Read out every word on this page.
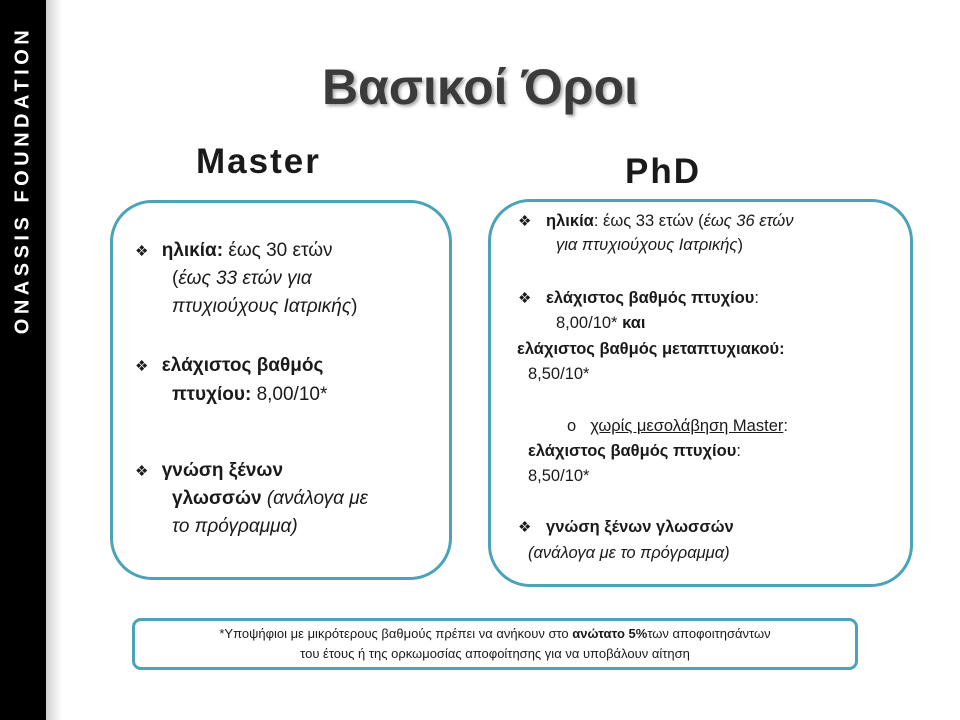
ONASSIS FOUNDATION	Βασικοί Όροι
Master	PhD
❖ ηλικία: έως 30 ετών
(έως 33 ετών για
πτυχιούχους Ιατρικής)
❖ ελάχιστος βαθμός
πτυχίου: 8,00/10*
❖ γνώση ξένων
γλωσσών (ανάλογα με
το πρόγραμμα)
❖ ηλικία: έως 33 ετών (έως 36 ετών
για πτυχιούχους Ιατρικής)
❖ ελάχιστος βαθμός πτυχίου:
8,00/10* και
ελάχιστος βαθμός μεταπτυχιακού:
8,50/10*
o χωρίς μεσολάβηση Master:
ελάχιστος βαθμός πτυχίου:
8,50/10*
❖ γνώση ξένων γλωσσών
(ανάλογα με το πρόγραμμα)
*Υποψήφιοι με μικρότερους βαθμούς πρέπει να ανήκουν στο ανώτατο 5%των αποφοιτησάντων
του έτους ή της ορκωμοσίας αποφοίτησης για να υποβάλουν αίτηση
